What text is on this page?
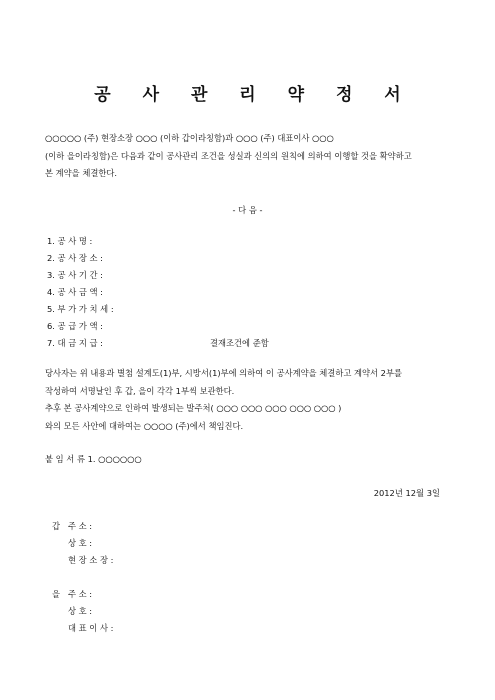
공 사 관 리 약 정 서
○○○○○ (주) 현장소장 ○○○ (이하 갑이라칭함)과 ○○○ (주) 대표이사 ○○○
(이하 을이라칭함)은 다음과 같이 공사관리 조건을 성실과 신의의 원칙에 의하여 이행할 것을 확약하고
본 계약을 체결한다.
- 다 음 -
1. 공 사 명 :
2. 공 사 장 소 :
3. 공 사 기 간 :
4. 공 사 금 액 :
5. 부 가 가 치 세 :
6. 공 급 가 액 :
7. 대 금 지 급 :	결재조건에 준함
당사자는 위 내용과 별첨 설계도(1)부, 시방서(1)부에 의하여 이 공사계약을 체결하고 계약서 2부를
작성하여 서명날인 후 갑, 을이 각각 1부씩 보관한다.
추후 본 공사계약으로 인하여 발생되는 발주처( ○○○ ○○○ ○○○ ○○○ ○○○ )
와의 모든 사안에 대하여는 ○○○○ (주)에서 책임진다.
붙 임 서 류 1. ○○○○○○
2012년 12월 3일
갑 주 소 :
상 호 :
현 장 소 장 :
을 주 소 :
상 호 :
대 표 이 사 :
